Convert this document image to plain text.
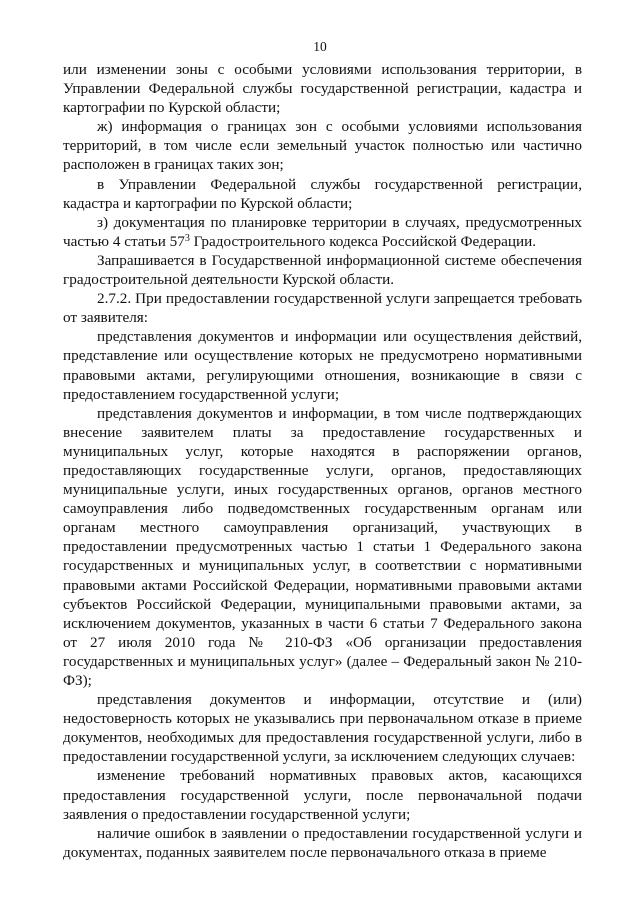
10

или изменении зоны с особыми условиями использования территории, в Управлении Федеральной службы государственной регистрации, кадастра и картографии по Курской области;

ж) информация о границах зон с особыми условиями использования территорий, в том числе если земельный участок полностью или частично расположен в границах таких зон;

в Управлении Федеральной службы государственной регистрации, кадастра и картографии по Курской области;

з) документация по планировке территории в случаях, предусмотренных частью 4 статьи $57^3$ Градостроительного кодекса Российской Федерации.

Запрашивается в Государственной информационной системе обеспечения градостроительной деятельности Курской области.

2.7.2. При предоставлении государственной услуги запрещается требовать от заявителя:

представления документов и информации или осуществления действий, представление или осуществление которых не предусмотрено нормативными правовыми актами, регулирующими отношения, возникающие в связи с предоставлением государственной услуги;

представления документов и информации, в том числе подтверждающих внесение заявителем платы за предоставление государственных и муниципальных услуг, которые находятся в распоряжении органов, предоставляющих государственные услуги, органов, предоставляющих муниципальные услуги, иных государственных органов, органов местного самоуправления либо подведомственных государственным органам или органам местного самоуправления организаций, участвующих в предоставлении предусмотренных частью 1 статьи 1 Федерального закона государственных и муниципальных услуг, в соответствии с нормативными правовыми актами Российской Федерации, нормативными правовыми актами субъектов Российской Федерации, муниципальными правовыми актами, за исключением документов, указанных в части 6 статьи 7 Федерального закона от 27 июля 2010 года № 210-ФЗ «Об организации предоставления государственных и муниципальных услуг» (далее – Федеральный закон № 210-ФЗ);

представления документов и информации, отсутствие и (или) недостоверность которых не указывались при первоначальном отказе в приеме документов, необходимых для предоставления государственной услуги, либо в предоставлении государственной услуги, за исключением следующих случаев:

изменение требований нормативных правовых актов, касающихся предоставления государственной услуги, после первоначальной подачи заявления о предоставлении государственной услуги;

наличие ошибок в заявлении о предоставлении государственной услуги и документах, поданных заявителем после первоначального отказа в приеме
